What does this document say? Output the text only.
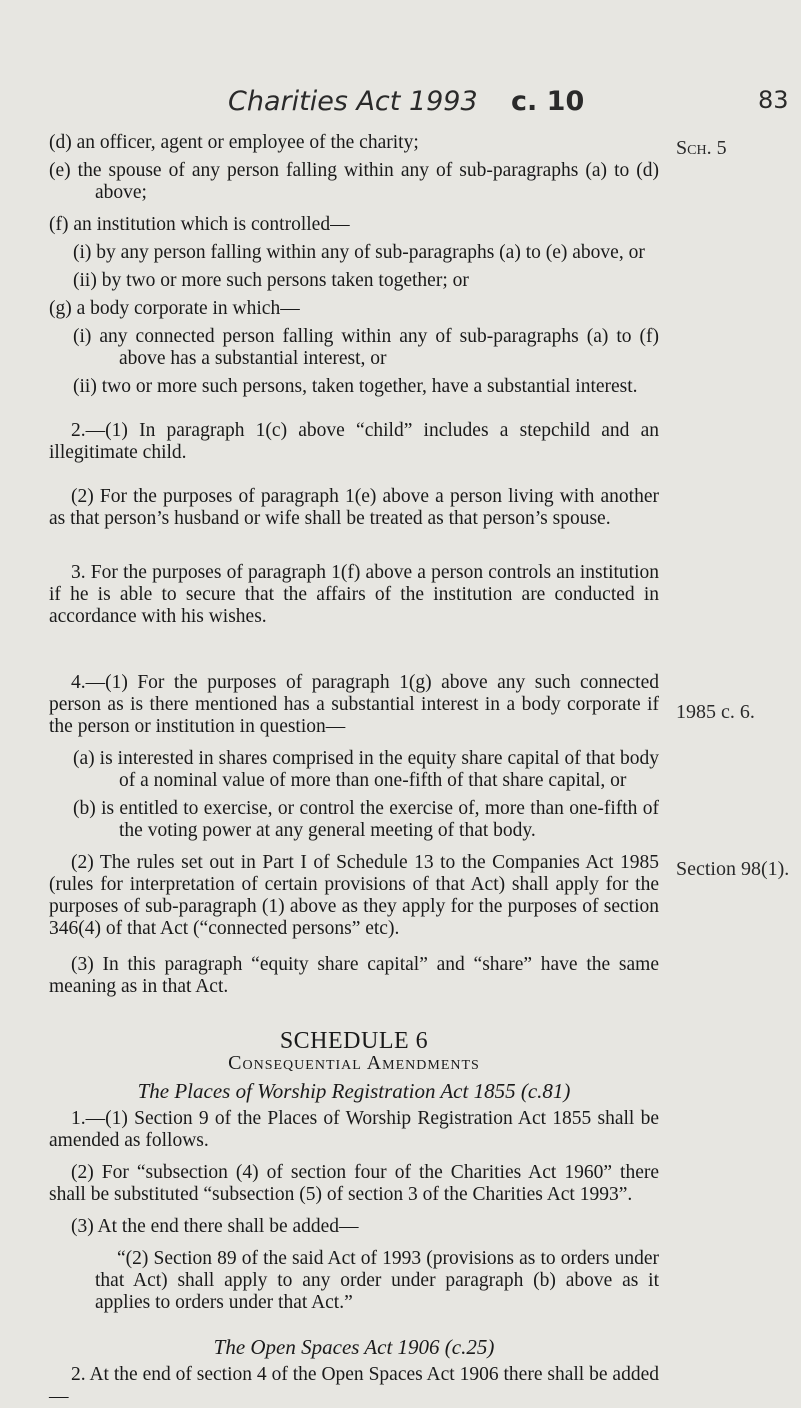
Charities Act 1993 c. 10	83
Sch. 5
1985 c. 6.
Section 98(1).

(d) an officer, agent or employee of the charity;

(e) the spouse of any person falling within any of sub-paragraphs (a) to (d) above;

(f) an institution which is controlled—

(i) by any person falling within any of sub-paragraphs (a) to (e) above, or

(ii) by two or more such persons taken together; or

(g) a body corporate in which—

(i) any connected person falling within any of sub-paragraphs (a) to (f) above has a substantial interest, or

(ii) two or more such persons, taken together, have a substantial interest.

2.—(1) In paragraph 1(c) above “child” includes a stepchild and an illegitimate child.

(2) For the purposes of paragraph 1(e) above a person living with another as that person’s husband or wife shall be treated as that person’s spouse.

3. For the purposes of paragraph 1(f) above a person controls an institution if he is able to secure that the affairs of the institution are conducted in accordance with his wishes.

4.—(1) For the purposes of paragraph 1(g) above any such connected person as is there mentioned has a substantial interest in a body corporate if the person or institution in question—

(a) is interested in shares comprised in the equity share capital of that body of a nominal value of more than one-fifth of that share capital, or

(b) is entitled to exercise, or control the exercise of, more than one-fifth of the voting power at any general meeting of that body.

(2) The rules set out in Part I of Schedule 13 to the Companies Act 1985 (rules for interpretation of certain provisions of that Act) shall apply for the purposes of sub-paragraph (1) above as they apply for the purposes of section 346(4) of that Act (“connected persons” etc).

(3) In this paragraph “equity share capital” and “share” have the same meaning as in that Act.

SCHEDULE 6

Consequential Amendments

The Places of Worship Registration Act 1855 (c.81)

1.—(1) Section 9 of the Places of Worship Registration Act 1855 shall be amended as follows.

(2) For “subsection (4) of section four of the Charities Act 1960” there shall be substituted “subsection (5) of section 3 of the Charities Act 1993”.

(3) At the end there shall be added—

“(2) Section 89 of the said Act of 1993 (provisions as to orders under that Act) shall apply to any order under paragraph (b) above as it applies to orders under that Act.”

The Open Spaces Act 1906 (c.25)

2. At the end of section 4 of the Open Spaces Act 1906 there shall be added—
